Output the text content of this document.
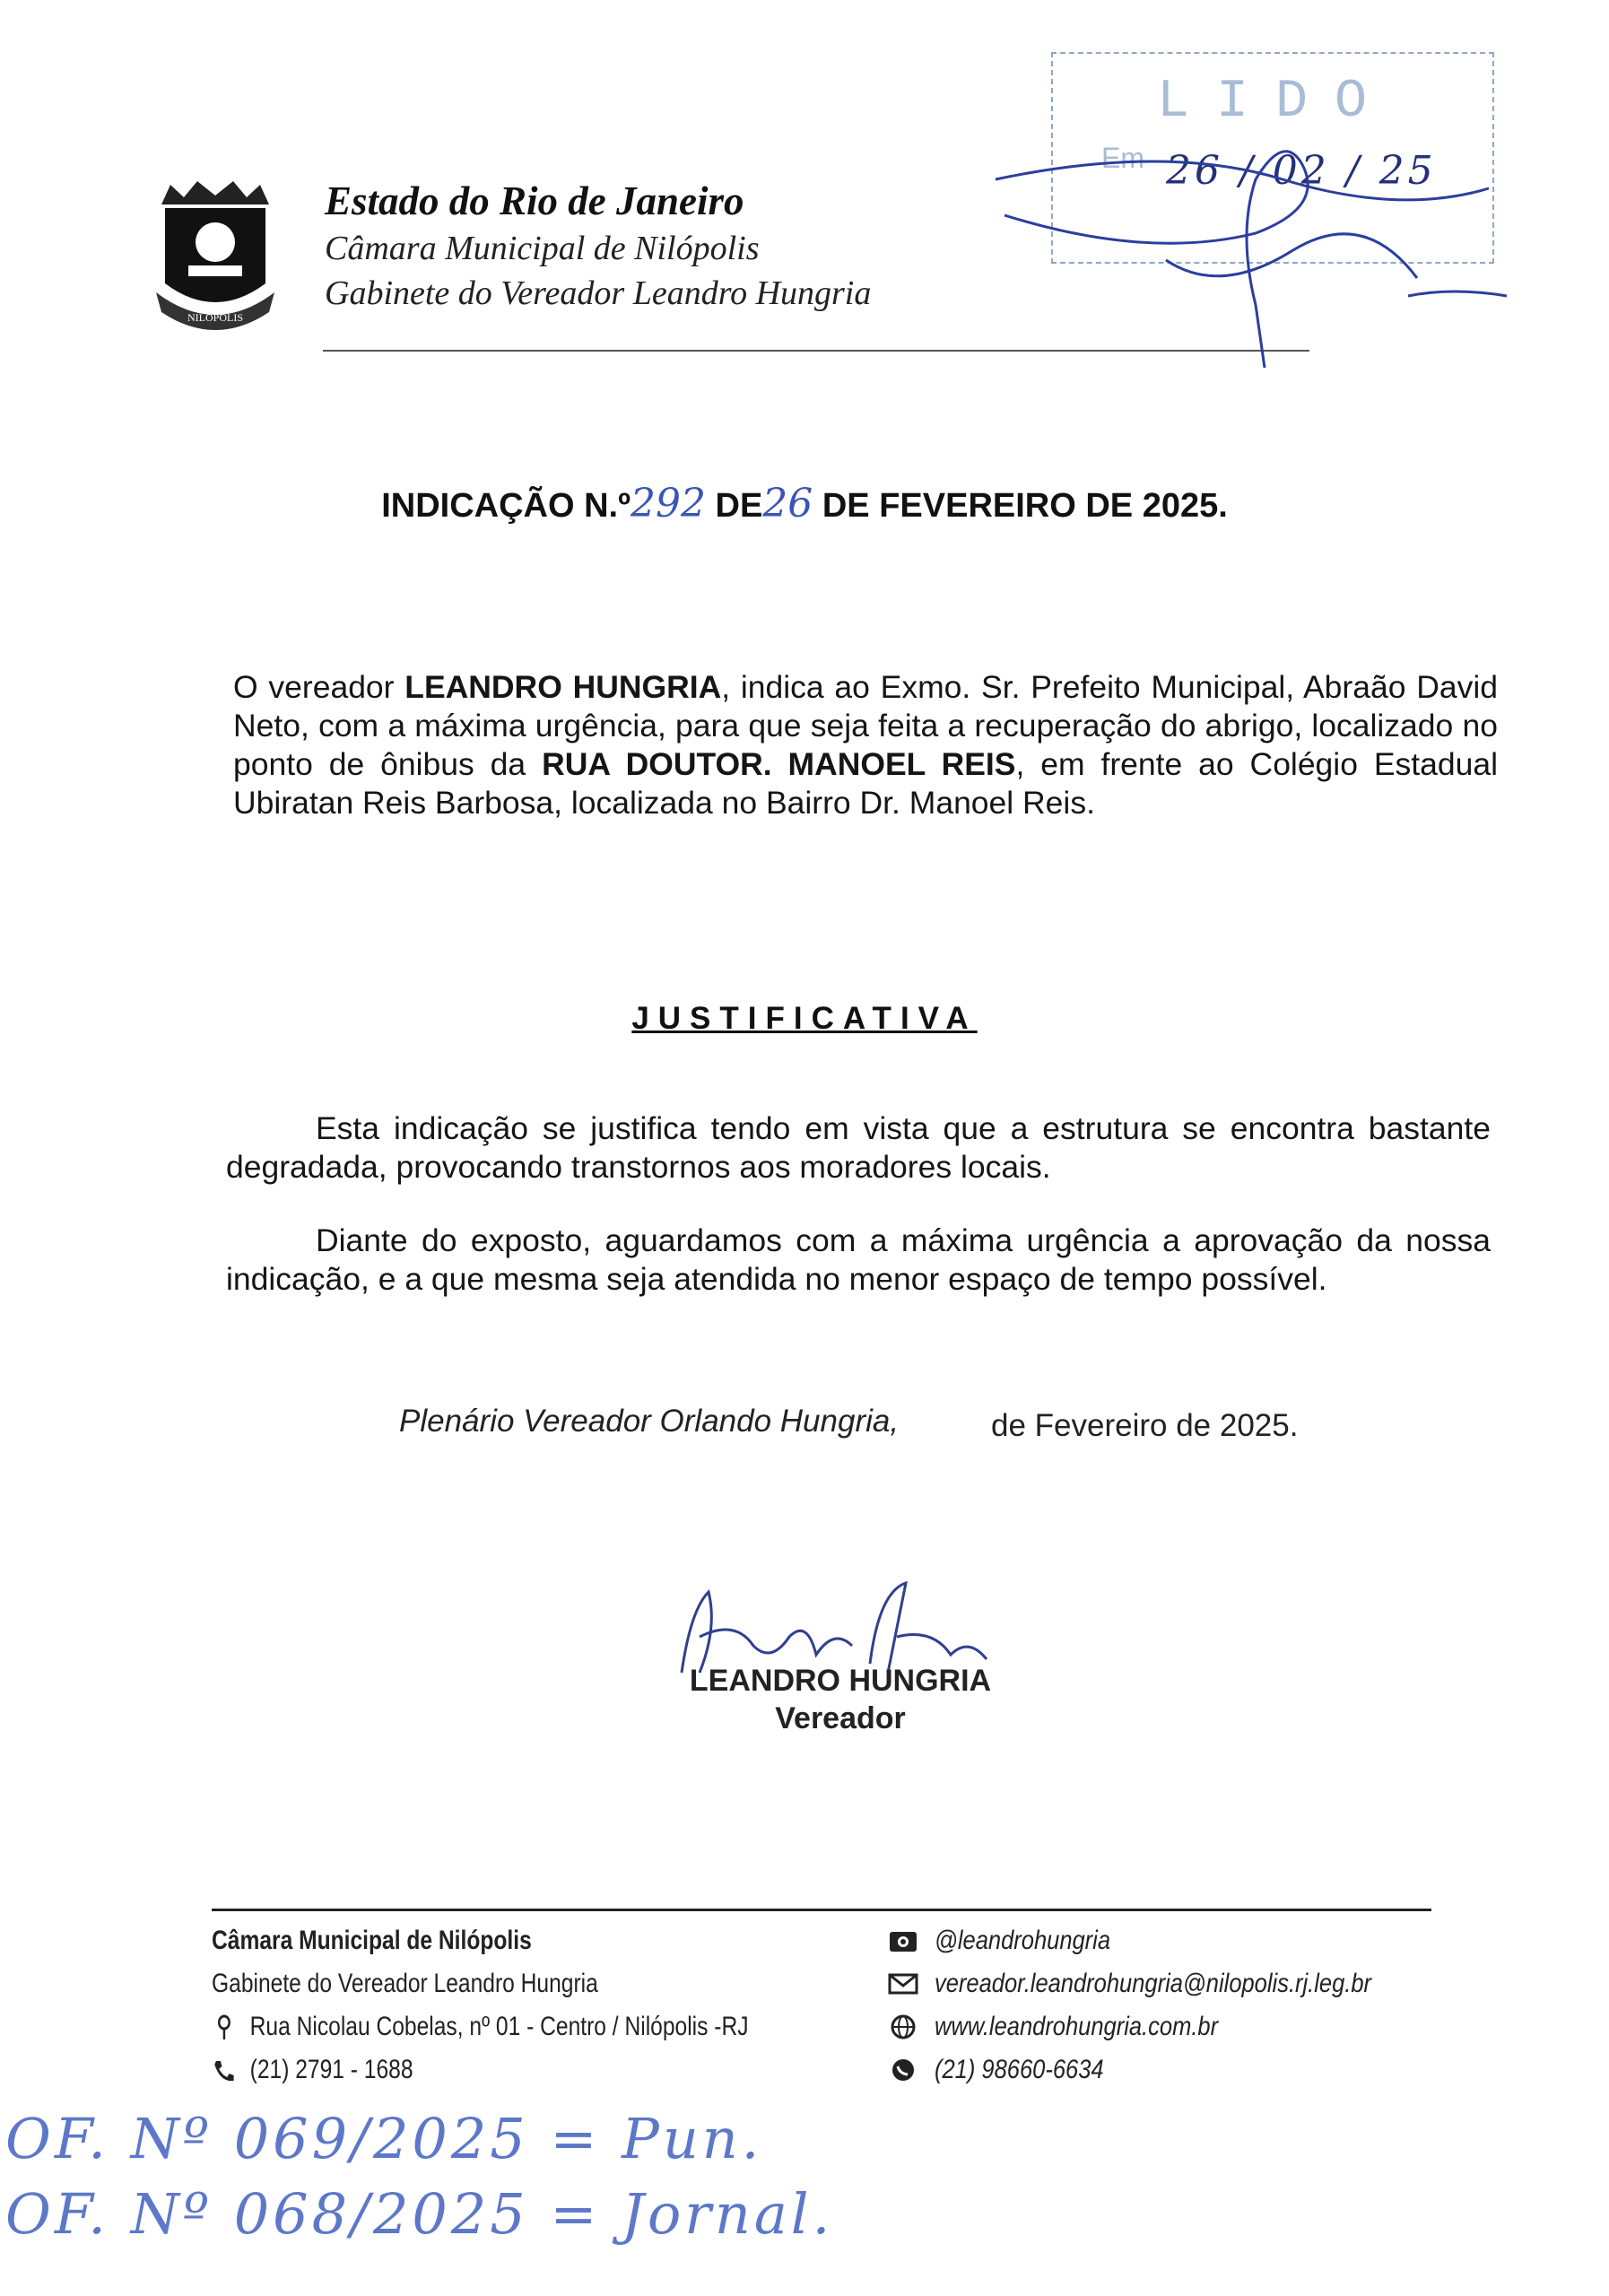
NILOPOLIS
Estado do Rio de Janeiro
Câmara Municipal de Nilópolis
Gabinete do Vereador Leandro Hungria
LIDO
Em 26 / 02 / 25
INDICAÇÃO N.º292 DE26 DE FEVEREIRO DE 2025.
O vereador LEANDRO HUNGRIA, indica ao Exmo. Sr. Prefeito Municipal, Abraão David Neto, com a máxima urgência, para que seja feita a recuperação do abrigo, localizado no ponto de ônibus da RUA DOUTOR. MANOEL REIS, em frente ao Colégio Estadual Ubiratan Reis Barbosa, localizada no Bairro Dr. Manoel Reis.
JUSTIFICATIVA
Esta indicação se justifica tendo em vista que a estrutura se encontra bastante degradada, provocando transtornos aos moradores locais.
Diante do exposto, aguardamos com a máxima urgência a aprovação da nossa indicação, e a que mesma seja atendida no menor espaço de tempo possível.
Plenário Vereador Orlando Hungria,	de Fevereiro de 2025.
LEANDRO HUNGRIA
Vereador
Câmara Municipal de Nilópolis
Gabinete do Vereador Leandro Hungria
Rua Nicolau Cobelas, nº 01 - Centro / Nilópolis -RJ
(21) 2791 - 1688
@leandrohungria
vereador.leandrohungria@nilopolis.rj.leg.br
www.leandrohungria.com.br
(21) 98660-6634
OF. Nº 069/2025 = Pun.
OF. Nº 068/2025 = Jornal.
